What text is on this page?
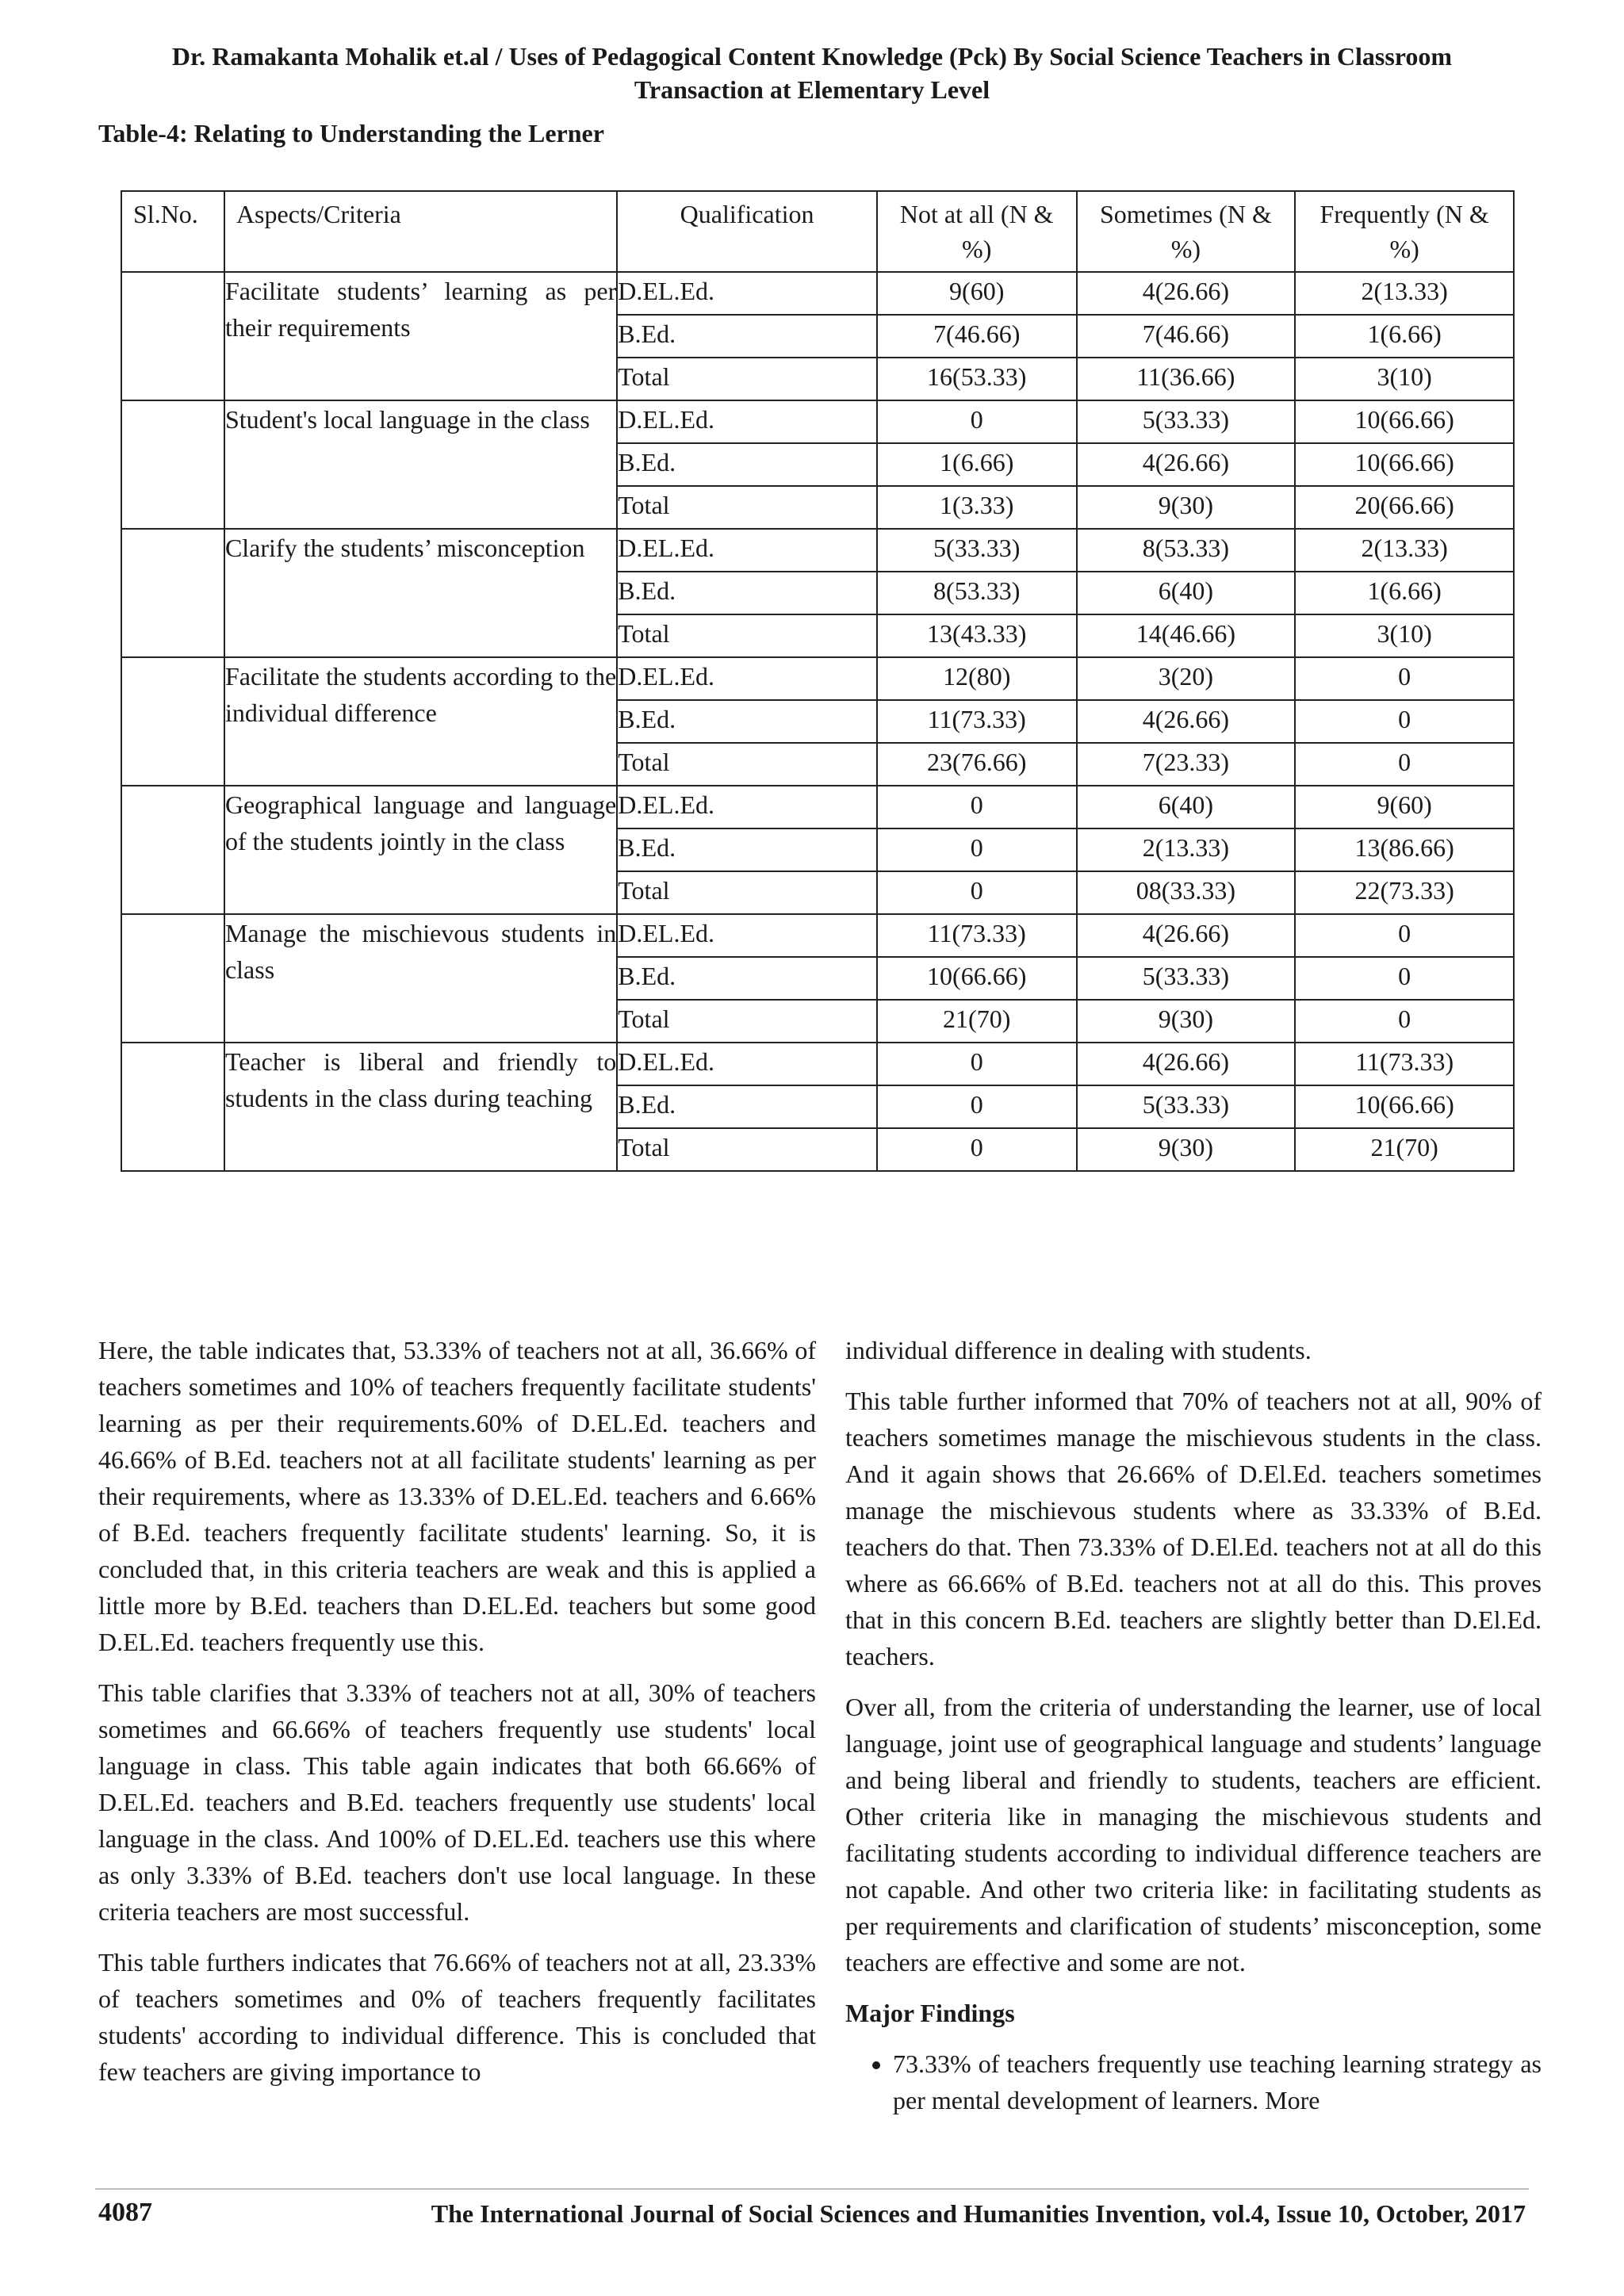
Dr. Ramakanta Mohalik et.al / Uses of Pedagogical Content Knowledge (Pck) By Social Science Teachers in Classroom
Transaction at Elementary Level
Table-4: Relating to Understanding the Lerner
Sl.No.	Aspects/Criteria	Qualification	Not at all (N & %)	Sometimes (N & %)	Frequently (N & %)
	Facilitate students’ learning as per their requirements	D.EL.Ed.	9(60)	4(26.66)	2(13.33)
		B.Ed.	7(46.66)	7(46.66)	1(6.66)
		Total	16(53.33)	11(36.66)	3(10)
	Student's local language in the class	D.EL.Ed.	0	5(33.33)	10(66.66)
		B.Ed.	1(6.66)	4(26.66)	10(66.66)
		Total	1(3.33)	9(30)	20(66.66)
	Clarify the students’ misconception	D.EL.Ed.	5(33.33)	8(53.33)	2(13.33)
		B.Ed.	8(53.33)	6(40)	1(6.66)
		Total	13(43.33)	14(46.66)	3(10)
	Facilitate the students according to the individual difference	D.EL.Ed.	12(80)	3(20)	0
		B.Ed.	11(73.33)	4(26.66)	0
		Total	23(76.66)	7(23.33)	0
	Geographical language and language of the students jointly in the class	D.EL.Ed.	0	6(40)	9(60)
		B.Ed.	0	2(13.33)	13(86.66)
		Total	0	08(33.33)	22(73.33)
	Manage the mischievous students in class	D.EL.Ed.	11(73.33)	4(26.66)	0
		B.Ed.	10(66.66)	5(33.33)	0
		Total	21(70)	9(30)	0
	Teacher is liberal and friendly to students in the class during teaching	D.EL.Ed.	0	4(26.66)	11(73.33)
		B.Ed.	0	5(33.33)	10(66.66)
		Total	0	9(30)	21(70)

Here, the table indicates that, 53.33% of teachers not at all, 36.66% of teachers sometimes and 10% of teachers frequently facilitate students' learning as per their requirements.60% of D.EL.Ed. teachers and 46.66% of B.Ed. teachers not at all facilitate students' learning as per their requirements, where as 13.33% of D.EL.Ed. teachers and 6.66% of B.Ed. teachers frequently facilitate students' learning. So, it is concluded that, in this criteria teachers are weak and this is applied a little more by B.Ed. teachers than D.EL.Ed. teachers but some good D.EL.Ed. teachers frequently use this.

This table clarifies that 3.33% of teachers not at all, 30% of teachers sometimes and 66.66% of teachers frequently use students' local language in class. This table again indicates that both 66.66% of D.EL.Ed. teachers and B.Ed. teachers frequently use students' local language in the class. And 100% of D.EL.Ed. teachers use this where as only 3.33% of B.Ed. teachers don't use local language. In these criteria teachers are most successful.

This table furthers indicates that 76.66% of teachers not at all, 23.33% of teachers sometimes and 0% of teachers frequently facilitates students' according to individual difference. This is concluded that few teachers are giving importance to

individual difference in dealing with students.

This table further informed that 70% of teachers not at all, 90% of teachers sometimes manage the mischievous students in the class. And it again shows that 26.66% of D.El.Ed. teachers sometimes manage the mischievous students where as 33.33% of B.Ed. teachers do that. Then 73.33% of D.El.Ed. teachers not at all do this where as 66.66% of B.Ed. teachers not at all do this. This proves that in this concern B.Ed. teachers are slightly better than D.El.Ed. teachers.

Over all, from the criteria of understanding the learner, use of local language, joint use of geographical language and students’ language and being liberal and friendly to students, teachers are efficient. Other criteria like in managing the mischievous students and facilitating students according to individual difference teachers are not capable. And other two criteria like: in facilitating students as per requirements and clarification of students’ misconception, some teachers are effective and some are not.

Major Findings
• 73.33% of teachers frequently use teaching learning strategy as per mental development of learners. More
4087	The International Journal of Social Sciences and Humanities Invention, vol.4, Issue 10, October, 2017
